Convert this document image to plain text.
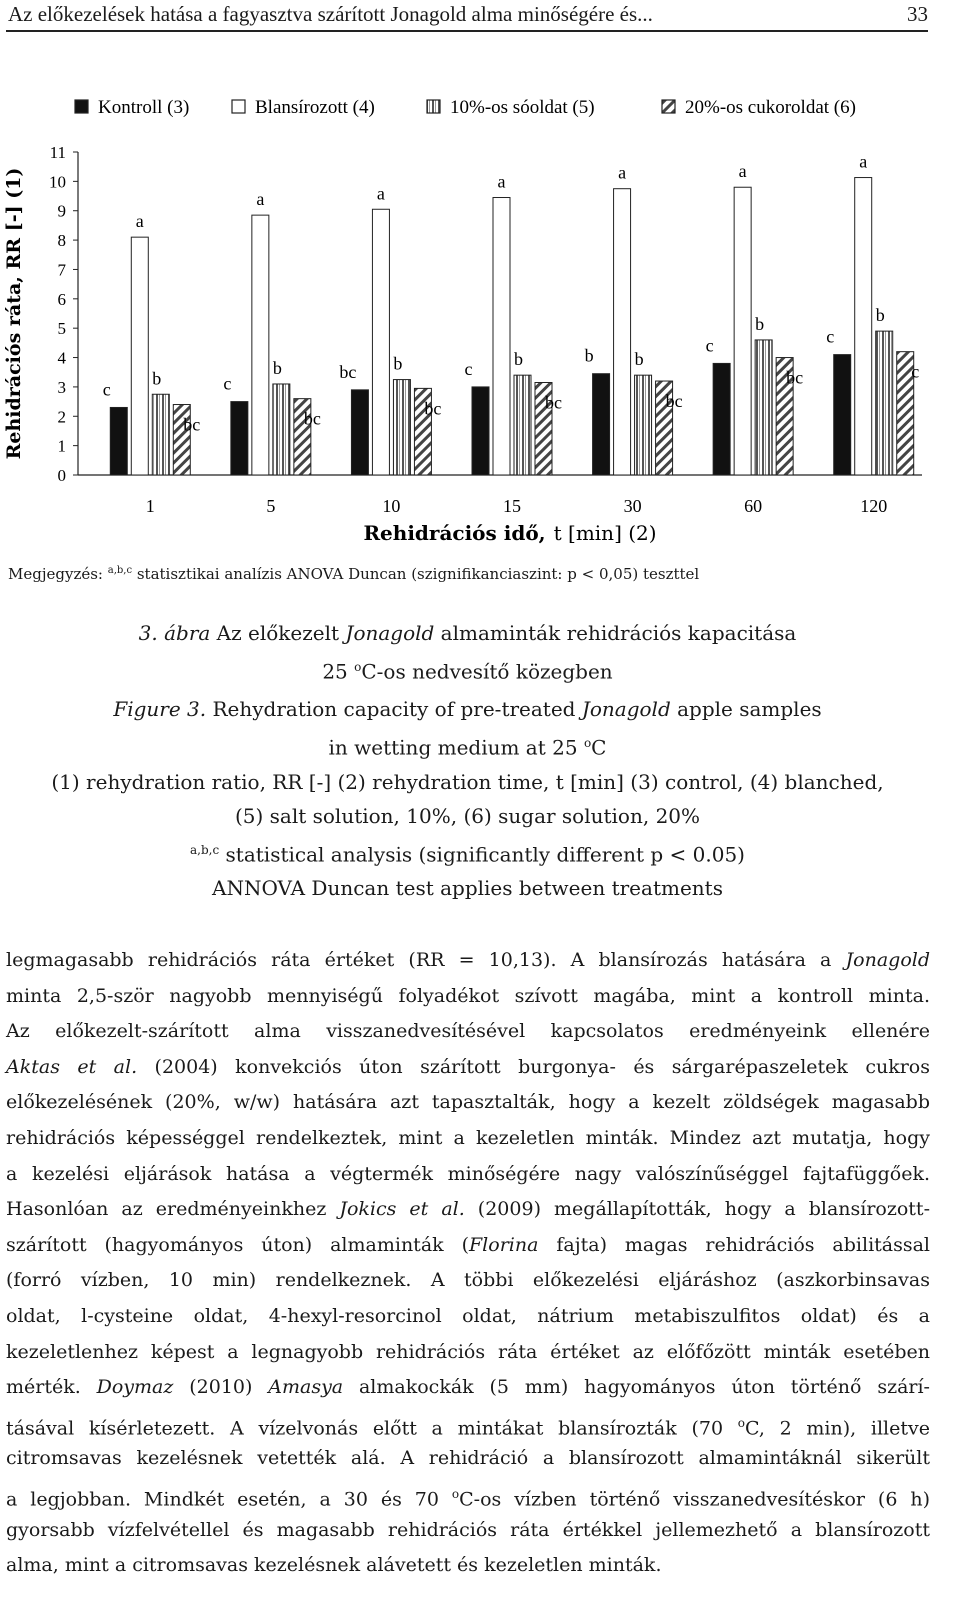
Az előkezelések hatása a fagyasztva szárított Jonagold alma minőségére és...	33
Kontroll (3)	Blansírozott (4)	10%-os sóoldat (5)	20%-os cukoroldat (6)
0
1
2
3
4
5
6
7
8
9
10
11
c
a
b
bc
c
a
b
bc
bc
a
b
bc
c
a
b
bc
b
a
b
bc
c
a
b
bc
c
a
b
c
1	5	10	15	30	60	120
Rehidrációs ráta, RR [-] (1)
Rehidrációs idő, t [min] (2)
Megjegyzés: $^{a,b,c}$ statisztikai analízis ANOVA Duncan (szignifikanciaszint: p < 0,05) teszttel

3. ábra Az előkezelt Jonagold almaminták rehidrációs kapacitása

25 $^o$C-os nedvesítő közegben

Figure 3. Rehydration capacity of pre-treated Jonagold apple samples

in wetting medium at 25 $^o$C

(1) rehydration ratio, RR [-] (2) rehydration time, t [min] (3) control, (4) blanched,

(5) salt solution, 10%, (6) sugar solution, 20%

$^{a,b,c}$ statistical analysis (significantly different p < 0.05)

ANNOVA Duncan test applies between treatments

legmagasabb rehidrációs ráta értéket (RR = 10,13). A blansírozás hatására a Jonagold
minta 2,5-ször nagyobb mennyiségű folyadékot szívott magába, mint a kontroll minta.
Az előkezelt-szárított alma visszanedvesítésével kapcsolatos eredményeink ellenére
Aktas et al. (2004) konvekciós úton szárított burgonya- és sárgarépaszeletek cukros
előkezelésének (20%, w/w) hatására azt tapasztalták, hogy a kezelt zöldségek magasabb
rehidrációs képességgel rendelkeztek, mint a kezeletlen minták. Mindez azt mutatja, hogy
a kezelési eljárások hatása a végtermék minőségére nagy valószínűséggel fajtafüggőek.
Hasonlóan az eredményeinkhez Jokics et al. (2009) megállapították, hogy a blansírozott-
szárított (hagyományos úton) almaminták (Florina fajta) magas rehidrációs abilitással
(forró vízben, 10 min) rendelkeznek. A többi előkezelési eljáráshoz (aszkorbinsavas
oldat, l-cysteine oldat, 4-hexyl-resorcinol oldat, nátrium metabiszulfitos oldat) és a
kezeletlenhez képest a legnagyobb rehidrációs ráta értéket az előfőzött minták esetében
mérték. Doymaz (2010) Amasya almakockák (5 mm) hagyományos úton történő szárí-
tásával kísérletezett. A vízelvonás előtt a mintákat blansírozták (70 $^o$C, 2 min), illetve
citromsavas kezelésnek vetették alá. A rehidráció a blansírozott almamintáknál sikerült
a legjobban. Mindkét esetén, a 30 és 70 $^o$C-os vízben történő visszanedvesítéskor (6 h)
gyorsabb vízfelvétellel és magasabb rehidrációs ráta értékkel jellemezhető a blansírozott
alma, mint a citromsavas kezelésnek alávetett és kezeletlen minták.
